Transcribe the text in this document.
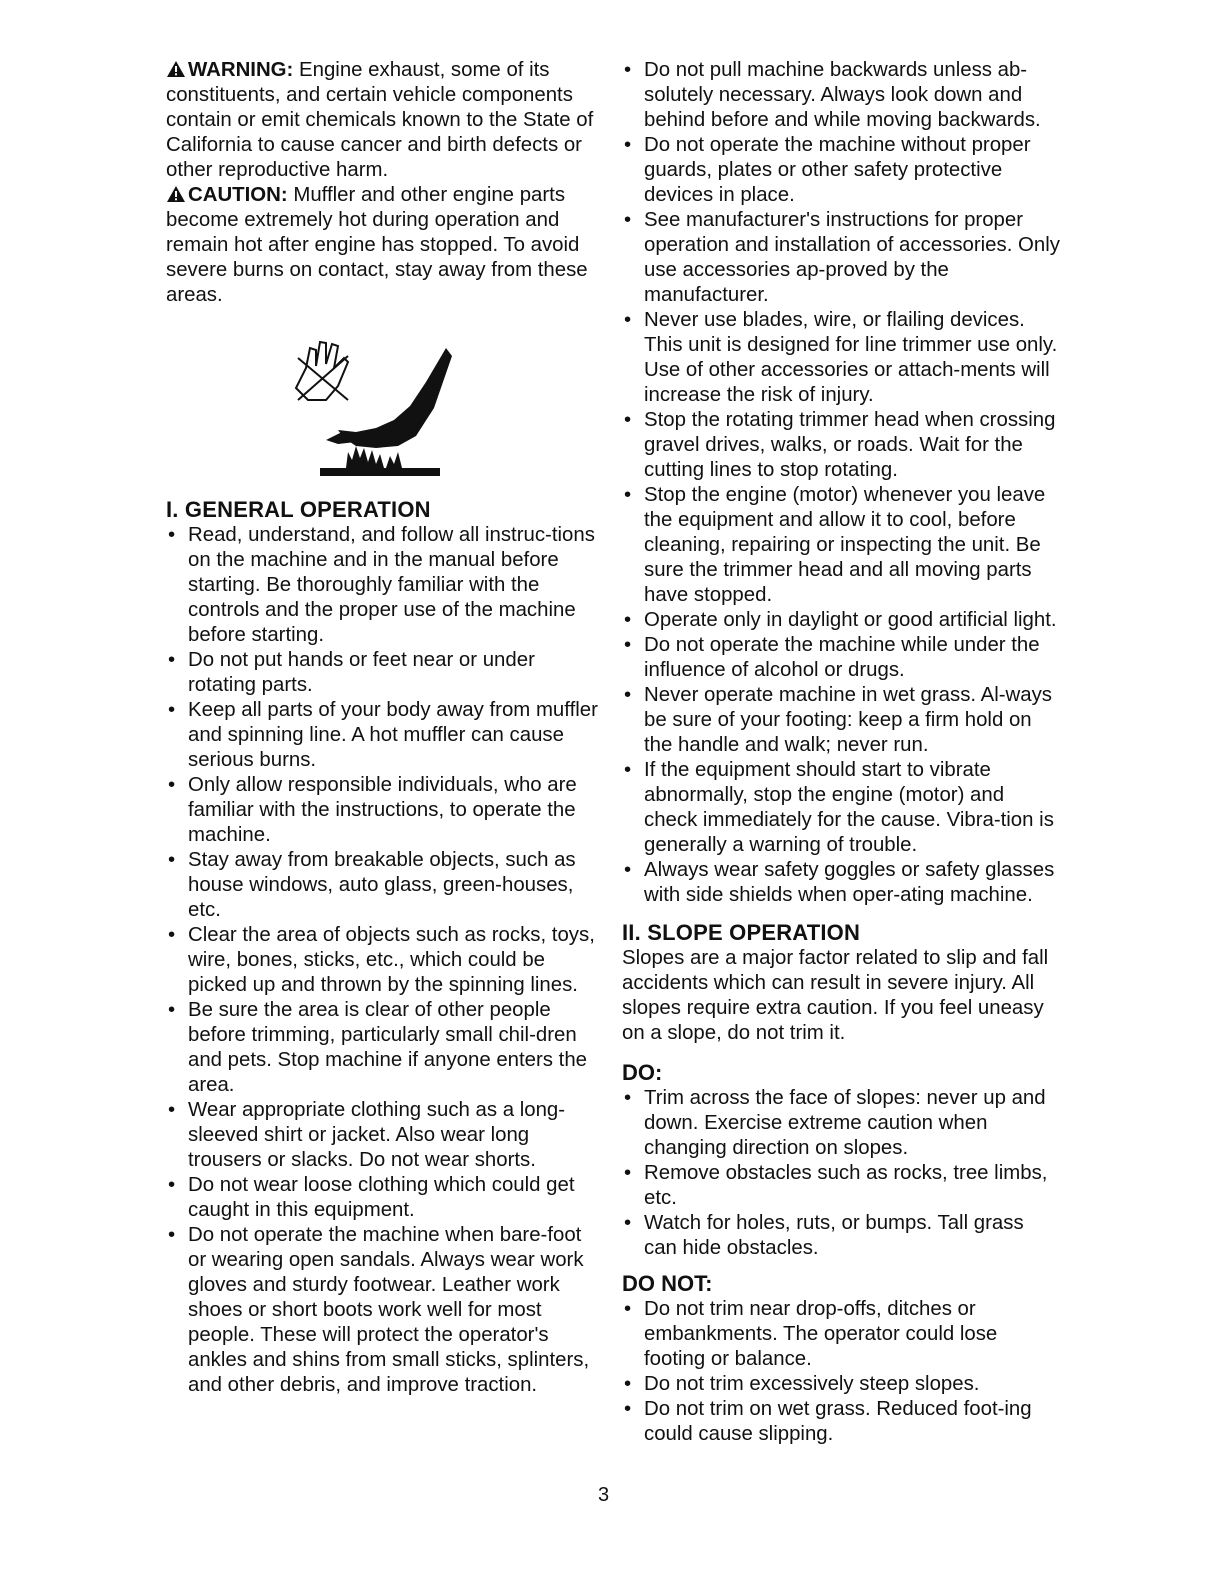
WARNING: Engine exhaust, some of its constituents, and certain vehicle components contain or emit chemicals known to the State of California to cause cancer and birth defects or other reproductive harm.

CAUTION: Muffler and other engine parts become extremely hot during operation and remain hot after engine has stopped. To avoid severe burns on contact, stay away from these areas.

I. GENERAL OPERATION
• Read, understand, and follow all instruc-tions on the machine and in the manual before starting. Be thoroughly familiar with the controls and the proper use of the machine before starting.
• Do not put hands or feet near or under rotating parts.
• Keep all parts of your body away from muffler and spinning line. A hot muffler can cause serious burns.
• Only allow responsible individuals, who are familiar with the instructions, to operate the machine.
• Stay away from breakable objects, such as house windows, auto glass, green-houses, etc.
• Clear the area of objects such as rocks, toys, wire, bones, sticks, etc., which could be picked up and thrown by the spinning lines.
• Be sure the area is clear of other people before trimming, particularly small chil-dren and pets. Stop machine if anyone enters the area.
• Wear appropriate clothing such as a long-sleeved shirt or jacket. Also wear long trousers or slacks. Do not wear shorts.
• Do not wear loose clothing which could get caught in this equipment.
• Do not operate the machine when bare-foot or wearing open sandals. Always wear work gloves and sturdy footwear. Leather work shoes or short boots work well for most people. These will protect the operator's ankles and shins from small sticks, splinters, and other debris, and improve traction.
• Do not pull machine backwards unless ab-solutely necessary. Always look down and behind before and while moving backwards.
• Do not operate the machine without proper guards, plates or other safety protective devices in place.
• See manufacturer's instructions for proper operation and installation of accessories. Only use accessories ap-proved by the manufacturer.
• Never use blades, wire, or flailing devices. This unit is designed for line trimmer use only. Use of other accessories or attach-ments will increase the risk of injury.
• Stop the rotating trimmer head when crossing gravel drives, walks, or roads. Wait for the cutting lines to stop rotating.
• Stop the engine (motor) whenever you leave the equipment and allow it to cool, before cleaning, repairing or inspecting the unit. Be sure the trimmer head and all moving parts have stopped.
• Operate only in daylight or good artificial light.
• Do not operate the machine while under the influence of alcohol or drugs.
• Never operate machine in wet grass. Al-ways be sure of your footing: keep a firm hold on the handle and walk; never run.
• If the equipment should start to vibrate abnormally, stop the engine (motor) and check immediately for the cause. Vibra-tion is generally a warning of trouble.
• Always wear safety goggles or safety glasses with side shields when oper-ating machine.
II. SLOPE OPERATION

Slopes are a major factor related to slip and fall accidents which can result in severe injury. All slopes require extra caution. If you feel uneasy on a slope, do not trim it.

DO:
• Trim across the face of slopes: never up and down. Exercise extreme caution when changing direction on slopes.
• Remove obstacles such as rocks, tree limbs, etc.
• Watch for holes, ruts, or bumps. Tall grass can hide obstacles.
DO NOT:
• Do not trim near drop-offs, ditches or embankments. The operator could lose footing or balance.
• Do not trim excessively steep slopes.
• Do not trim on wet grass. Reduced foot-ing could cause slipping.
3
